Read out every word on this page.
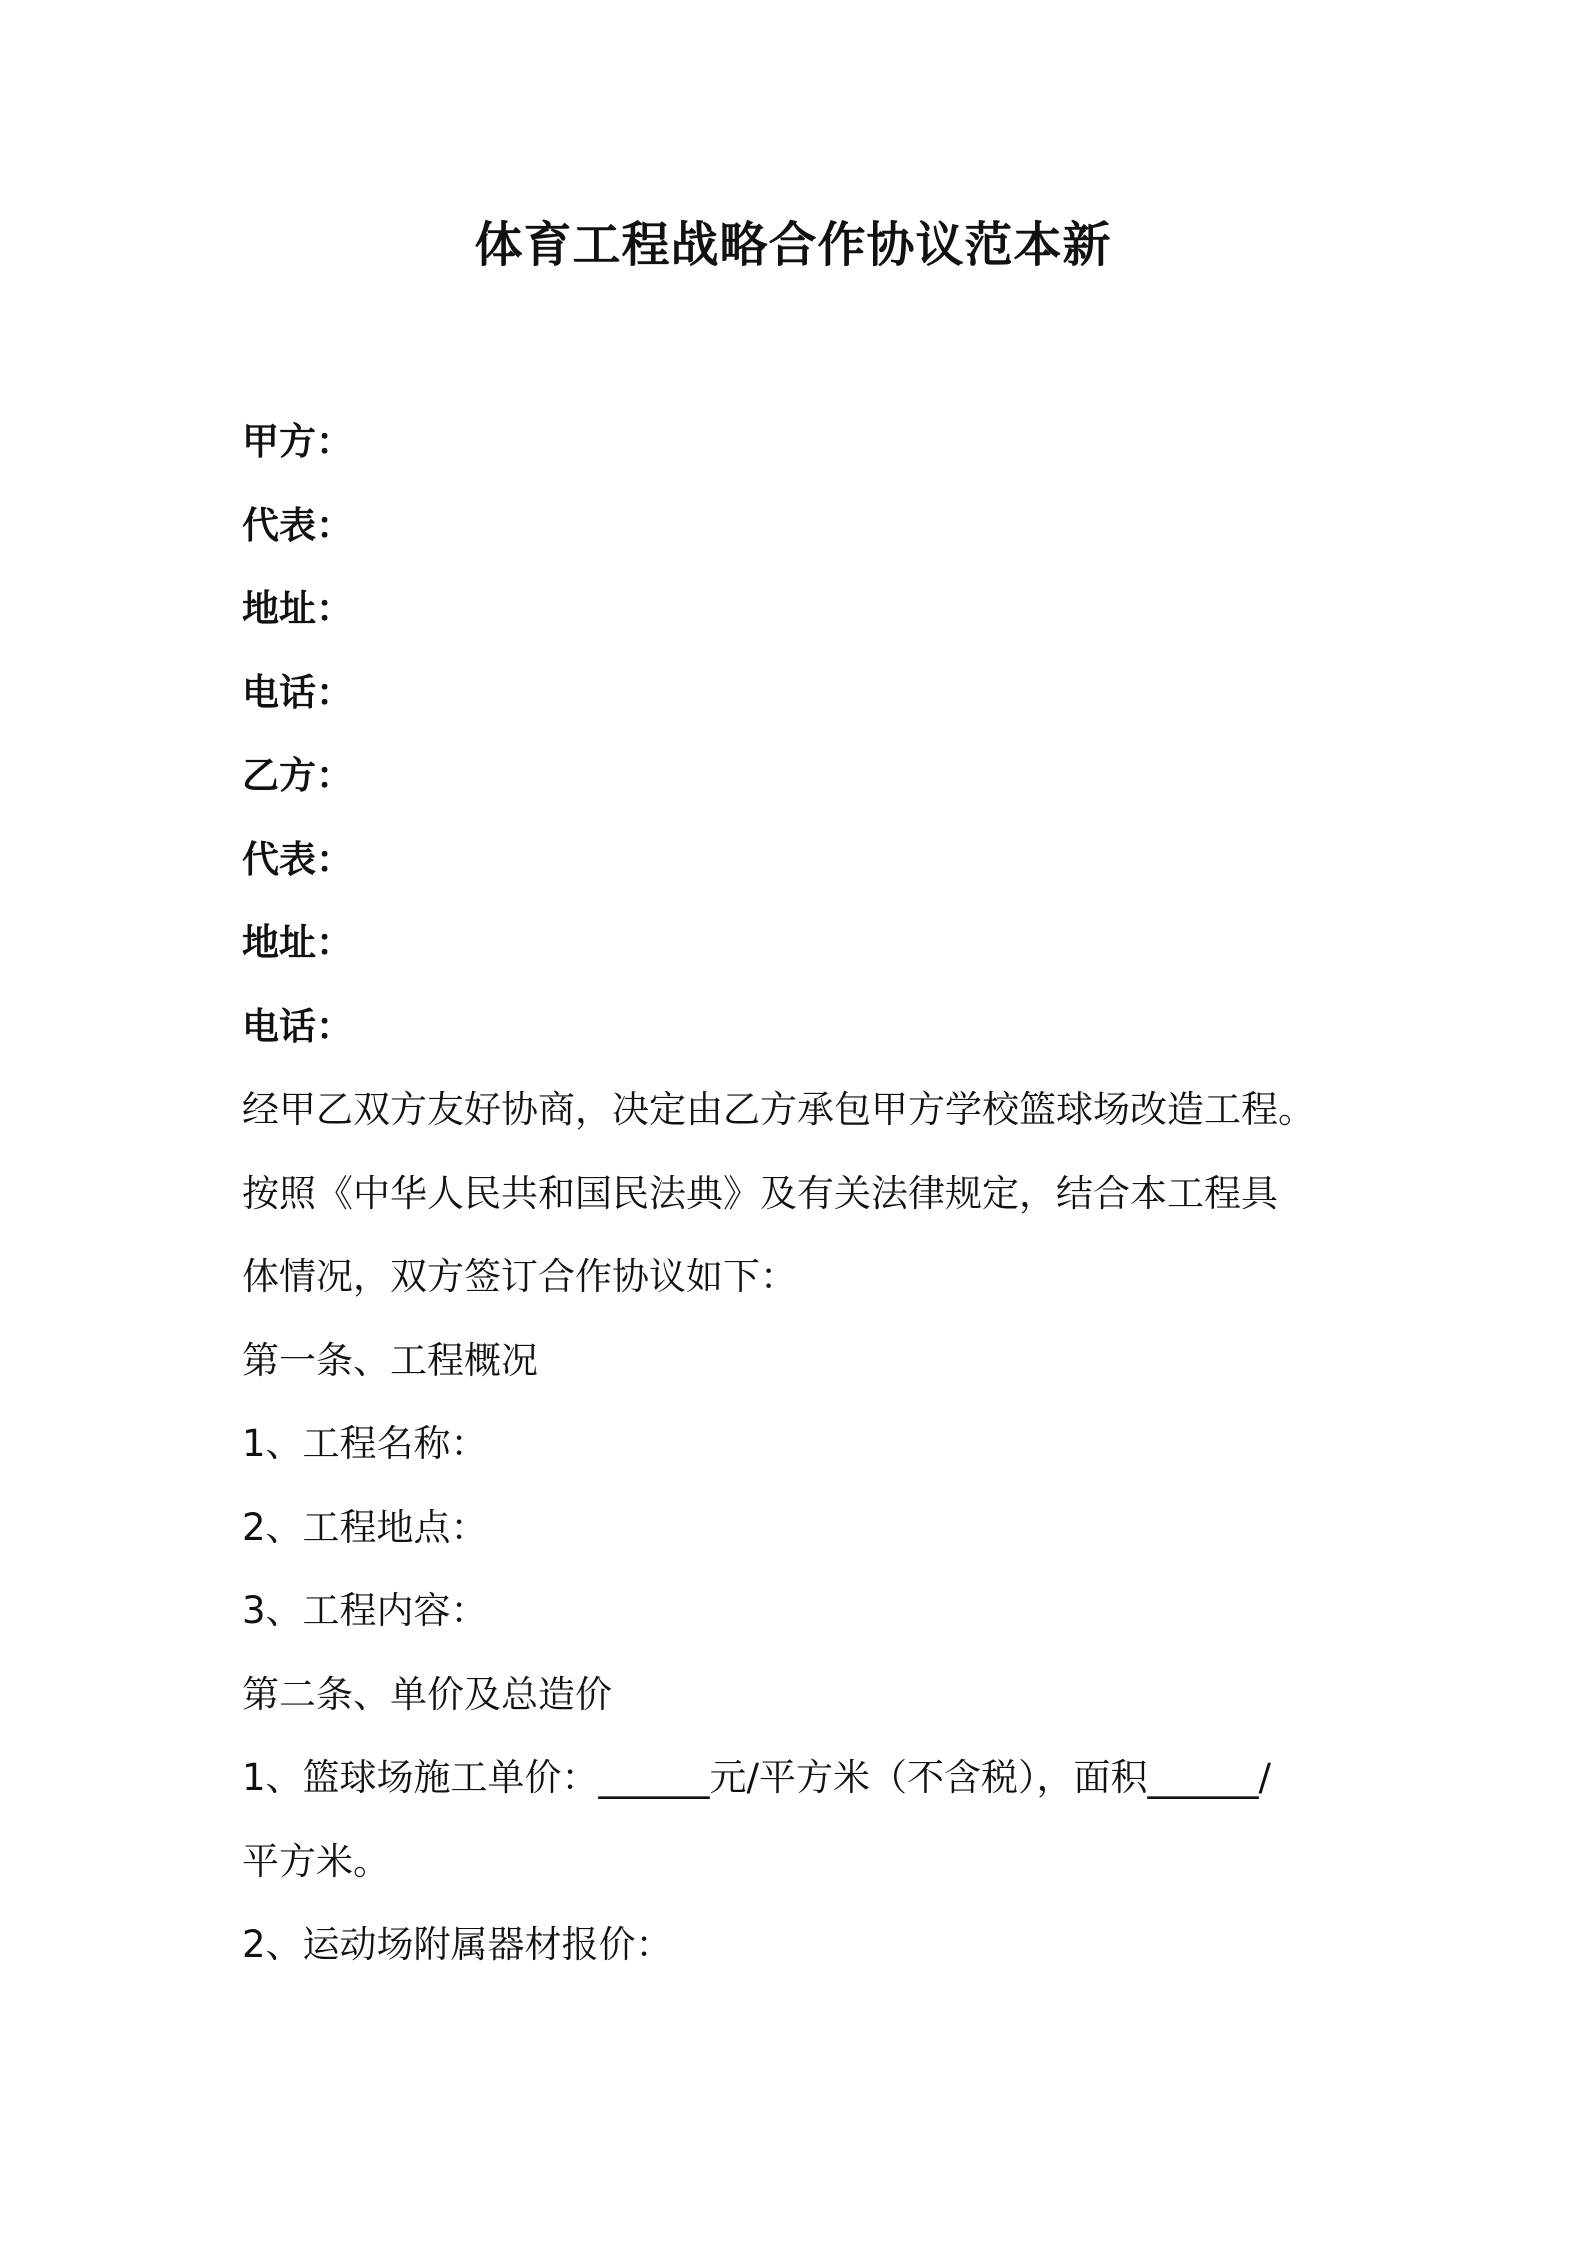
体育工程战略合作协议范本新
甲方：
代表：
地址：
电话：
乙方：
代表：
地址：
电话：
经甲乙双方友好协商，决定由乙方承包甲方学校篮球场改造工程。
按照《中华人民共和国民法典》及有关法律规定，结合本工程具
体情况，双方签订合作协议如下：
第一条、工程概况
1、工程名称：
2、工程地点：
3、工程内容：
第二条、单价及总造价
1、篮球场施工单价：______元/平方米（不含税），面积______/
平方米。
2、运动场附属器材报价：
